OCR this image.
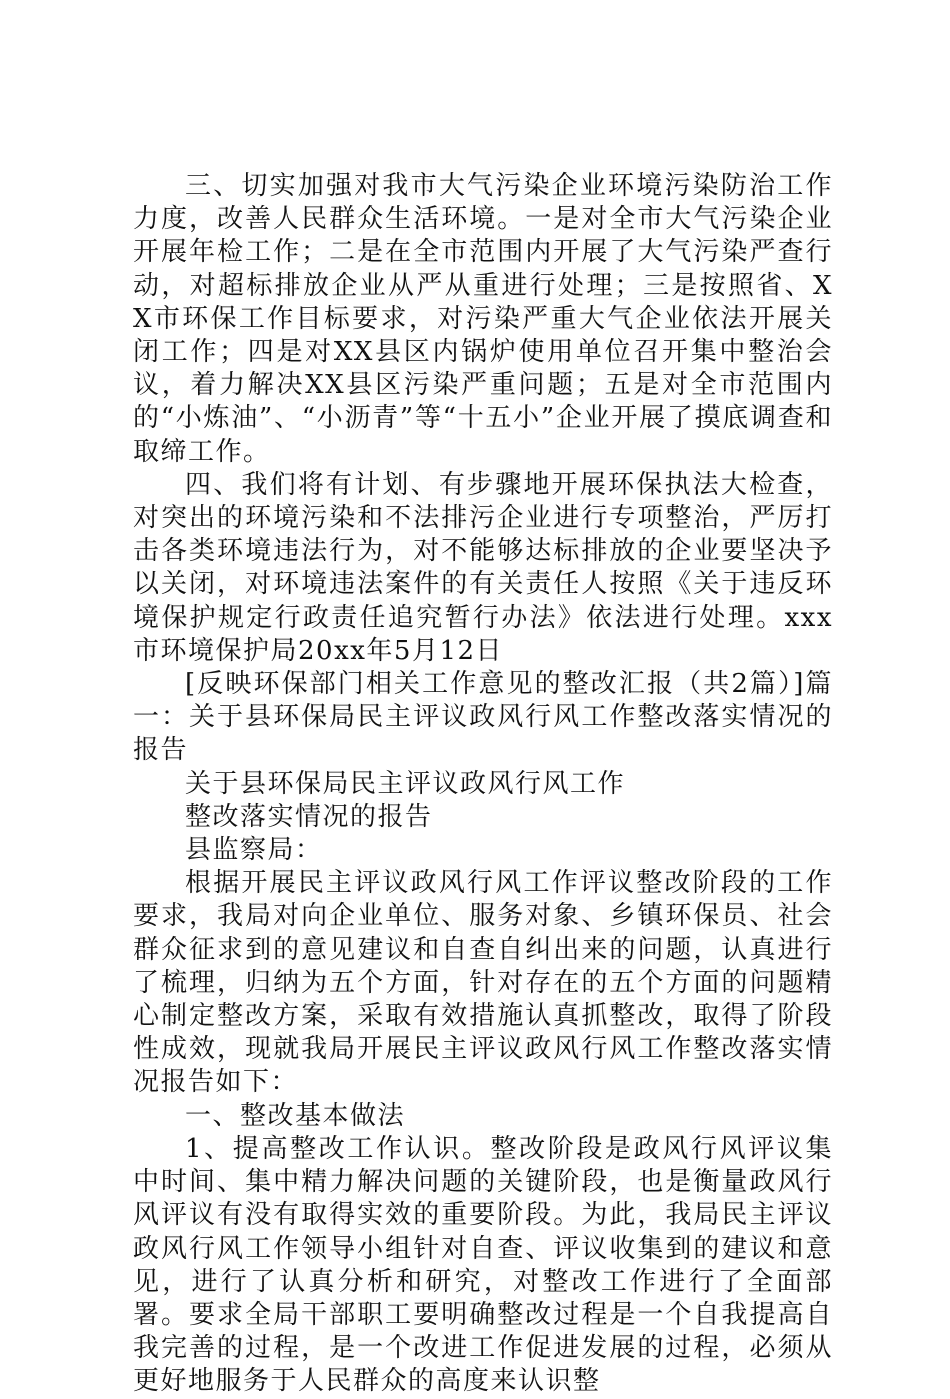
三、切实加强对我市大气污染企业环境污染防治工作力度，改善人民群众生活环境。一是对全市大气污染企业开展年检工作；二是在全市范围内开展了大气污染严查行动，对超标排放企业从严从重进行处理；三是按照省、XX市环保工作目标要求，对污染严重大气企业依法开展关闭工作；四是对XX县区内锅炉使用单位召开集中整治会议，着力解决XX县区污染严重问题；五是对全市范围内的“小炼油”、“小沥青”等“十五小”企业开展了摸底调查和取缔工作。

四、我们将有计划、有步骤地开展环保执法大检查，对突出的环境污染和不法排污企业进行专项整治，严厉打击各类环境违法行为，对不能够达标排放的企业要坚决予以关闭，对环境违法案件的有关责任人按照《关于违反环境保护规定行政责任追究暂行办法》依法进行处理。xxx市环境保护局20xx年5月12日

[反映环保部门相关工作意见的整改汇报（共2篇）]篇一：关于县环保局民主评议政风行风工作整改落实情况的报告

关于县环保局民主评议政风行风工作

整改落实情况的报告

县监察局：

根据开展民主评议政风行风工作评议整改阶段的工作要求，我局对向企业单位、服务对象、乡镇环保员、社会群众征求到的意见建议和自查自纠出来的问题，认真进行了梳理，归纳为五个方面，针对存在的五个方面的问题精心制定整改方案，采取有效措施认真抓整改，取得了阶段性成效，现就我局开展民主评议政风行风工作整改落实情况报告如下：

一、整改基本做法

1、提高整改工作认识。整改阶段是政风行风评议集中时间、集中精力解决问题的关键阶段，也是衡量政风行风评议有没有取得实效的重要阶段。为此，我局民主评议政风行风工作领导小组针对自查、评议收集到的建议和意见，进行了认真分析和研究，对整改工作进行了全面部署。要求全局干部职工要明确整改过程是一个自我提高自我完善的过程，是一个改进工作促进发展的过程，必须从更好地服务于人民群众的高度来认识整
